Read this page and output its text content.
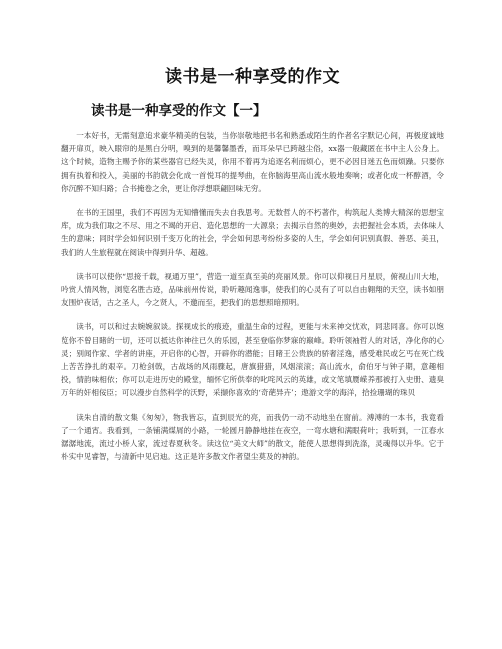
读书是一种享受的作文
读书是一种享受的作文【一】

一本好书，无需刻意追求豪华精美的包装，当你崇敬地把书名和熟悉或陌生的作者名字默记心间，再极度诚地翻开扉页，映入眼帘的是黑白分明，嗅到的是馨馨墨香，而耳朵早已跨越尘俗，xx器一般藏匿在书中主人公身上。这个时候，造物主赐予你的某些器官已经失灵，你用不着再为追逐名利而烦心，更不必因目迷五色而烦躁。只要你拥有执着和投入，美丽的书韵就会化成一首悦耳的提琴曲，在你脑海里高山流水般地奏响；或者化成一杯醇酒，令你沉醉不知归路；合书掩卷之余，更让你浮想联翩回味无穷。

在书的王国里，我们不再因为无知懵懂而失去自我思考。无数哲人的不朽著作，构筑起人类博大精深的思想宝库，成为我们取之不尽、用之不竭的开启、造化思想的一大源泉；去揭示自然的奥妙，去把握社会本质，去体味人生的意味；同时学会如何识别千变万化的社会，学会如何思考纷纷多姿的人生，学会如何识别真假、善恶、美丑，我们的人生旅程就在阅读中得到升华、超越。

读书可以使你“思接千载，视通万里”，营造一道至真至美的亮丽风景。你可以仰视日月星辰，俯视山川大地，吟赏人情风物，浏览名胜古迹，品味前州传说，聆听趣闻逸事，使我们的心灵有了可以自由翱翔的天空，读书如朋友围炉夜话，古之圣人，今之贤人，不邀而至，把我们的思想照暗照明。

读书，可以和过去婉婉叙谈。探视成长的痕迹，重温生命的过程，更能与未来神交忧欢，同悲同喜。你可以饱览你不曾目睹的一切，还可以抵达你神往已久的乐园，甚至登临你梦寐的巅峰。聆听领袖哲人的对话，净化你的心灵；别闻作家、学者的讲座，开启你的心智，开辟你的潜能；目睹王公贵族的骄奢淫逸，感受难民或乞丐在死亡线上苦苦挣扎的艰辛。刀枪剑戟，古战场的风雨骤起，唐旗猎猎，风烟滚滚；高山流水，俞伯牙与钟子期，意趣相投，情韵味相依；你可以走进历史的殿堂，缅怀它所供奉的叱咤风云的英雄，或文笔填赝嵘养那被打入史册、遗臭万年的奸相佞臣；可以漫步自然科学的沃野，采撷你喜欢的‘奇葩异卉’；遨游文学的海洋，拾捡珊瑚的珠贝

读朱自清的散文集《匆匆》，物我皆忘，直到辰光的亮，而我仍一动不动地坐在窗前。溥溥的一本书，我竟看了一个通宵。我看到，一条铺满煤屑的小路，一轮圆月静静地挂在夜空，一弯水塘和满眼荷叶；我听到，一江春水潺潺地流，流过小桥人家，流过春夏秋冬。读这位“美文大师”的散文，能使人思想得到洗涤，灵魂得以升华。它于朴实中见睿智，与清新中见启迪。这正是许多散文作者望尘莫及的神韵。
